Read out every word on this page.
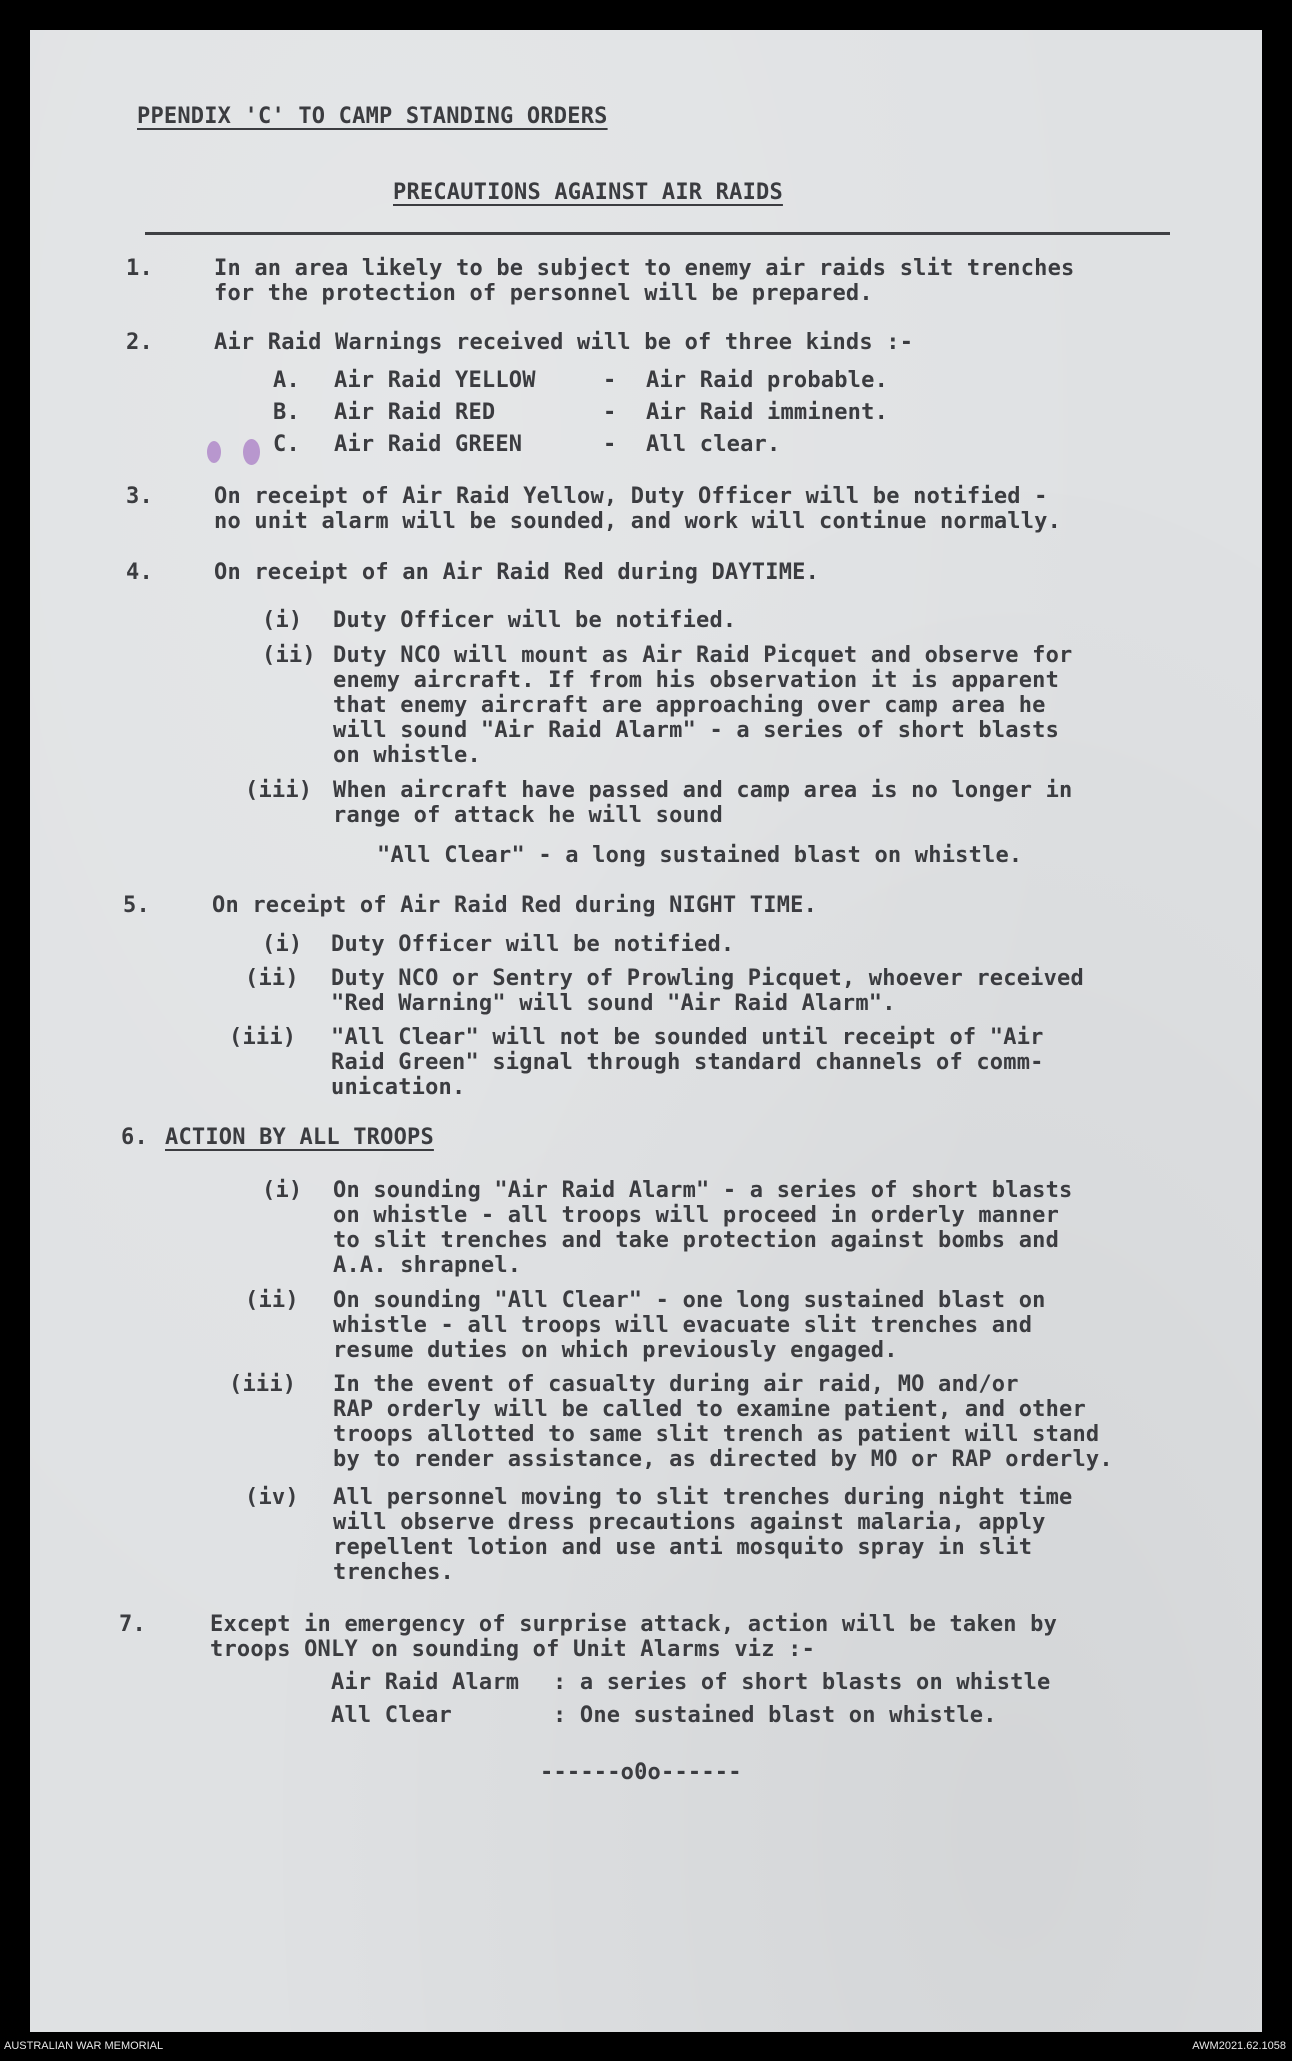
PPENDIX 'C' TO CAMP STANDING ORDERS
PRECAUTIONS AGAINST AIR RAIDS
1.	In an area likely to be subject to enemy air raids slit trenches
for the protection of personnel will be prepared.
2.	Air Raid Warnings received will be of three kinds :-
A. Air Raid YELLOW	- Air Raid probable.
B. Air Raid RED	- Air Raid imminent.
C. Air Raid GREEN	- All clear.
3.	On receipt of Air Raid Yellow, Duty Officer will be notified -
no unit alarm will be sounded, and work will continue normally.
4.	On receipt of an Air Raid Red during DAYTIME.
(i) Duty Officer will be notified.
(ii) Duty NCO will mount as Air Raid Picquet and observe for
enemy aircraft. If from his observation it is apparent
that enemy aircraft are approaching over camp area he
will sound "Air Raid Alarm" - a series of short blasts
on whistle.
(iii) When aircraft have passed and camp area is no longer in
range of attack he will sound
"All Clear" - a long sustained blast on whistle.
5.	On receipt of Air Raid Red during NIGHT TIME.
(i) Duty Officer will be notified.
(ii) Duty NCO or Sentry of Prowling Picquet, whoever received
"Red Warning" will sound "Air Raid Alarm".
(iii) "All Clear" will not be sounded until receipt of "Air
Raid Green" signal through standard channels of comm-
unication.
6. ACTION BY ALL TROOPS
(i) On sounding "Air Raid Alarm" - a series of short blasts
on whistle - all troops will proceed in orderly manner
to slit trenches and take protection against bombs and
A.A. shrapnel.
(ii) On sounding "All Clear" - one long sustained blast on
whistle - all troops will evacuate slit trenches and
resume duties on which previously engaged.
(iii) In the event of casualty during air raid, MO and/or
RAP orderly will be called to examine patient, and other
troops allotted to same slit trench as patient will stand
by to render assistance, as directed by MO or RAP orderly.
(iv) All personnel moving to slit trenches during night time
will observe dress precautions against malaria, apply
repellent lotion and use anti mosquito spray in slit
trenches.
7.	Except in emergency of surprise attack, action will be taken by
troops ONLY on sounding of Unit Alarms viz :-
Air Raid Alarm : a series of short blasts on whistle
All Clear	: One sustained blast on whistle.
------o0o------
AUSTRALIAN WAR MEMORIAL	AWM2021.62.1058
